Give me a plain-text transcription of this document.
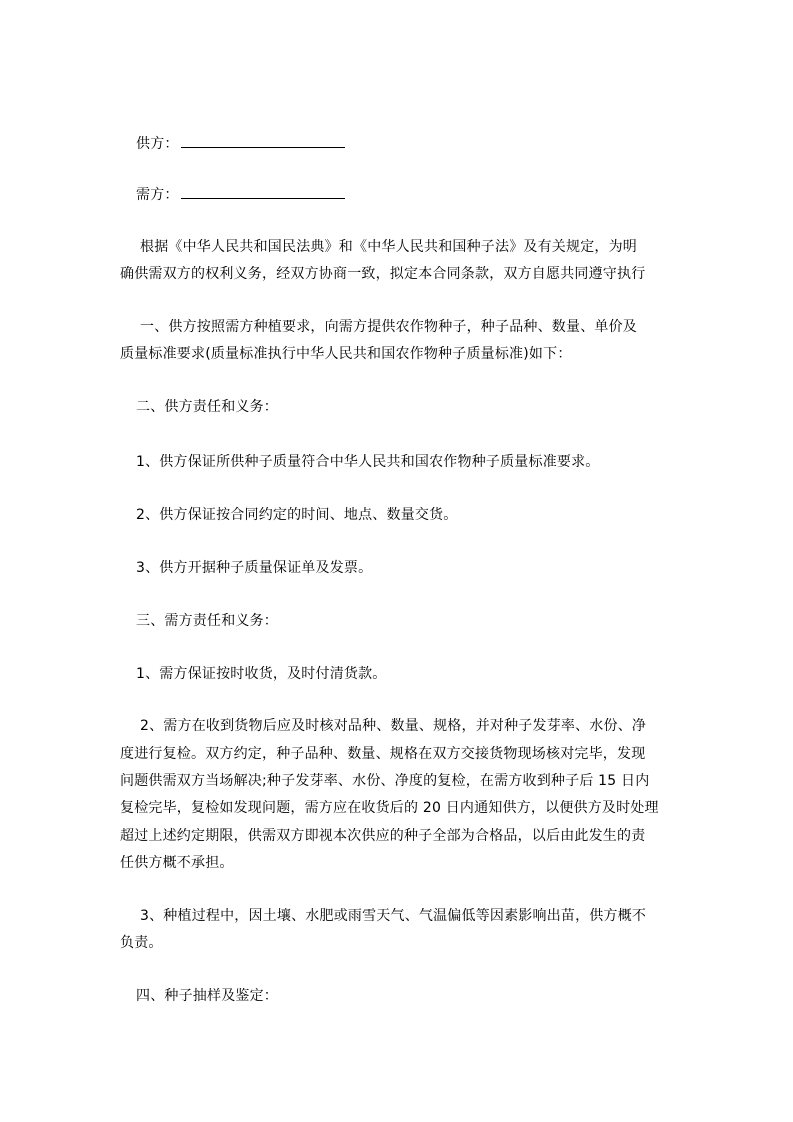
供方：
需方：
根据《中华人民共和国民法典》和《中华人民共和国种子法》及有关规定，为明
确供需双方的权利义务，经双方协商一致，拟定本合同条款，双方自愿共同遵守执行
一、供方按照需方种植要求，向需方提供农作物种子，种子品种、数量、单价及
质量标准要求(质量标准执行中华人民共和国农作物种子质量标准)如下：
二、供方责任和义务：
1、供方保证所供种子质量符合中华人民共和国农作物种子质量标准要求。
2、供方保证按合同约定的时间、地点、数量交货。
3、供方开据种子质量保证单及发票。
三、需方责任和义务：
1、需方保证按时收货，及时付清货款。
2、需方在收到货物后应及时核对品种、数量、规格，并对种子发芽率、水份、净
度进行复检。双方约定，种子品种、数量、规格在双方交接货物现场核对完毕，发现
问题供需双方当场解决;种子发芽率、水份、净度的复检，在需方收到种子后 15 日内
复检完毕，复检如发现问题，需方应在收货后的 20 日内通知供方，以便供方及时处理
超过上述约定期限，供需双方即视本次供应的种子全部为合格品，以后由此发生的责
任供方概不承担。
3、种植过程中，因土壤、水肥或雨雪天气、气温偏低等因素影响出苗，供方概不
负责。
四、种子抽样及鉴定：
